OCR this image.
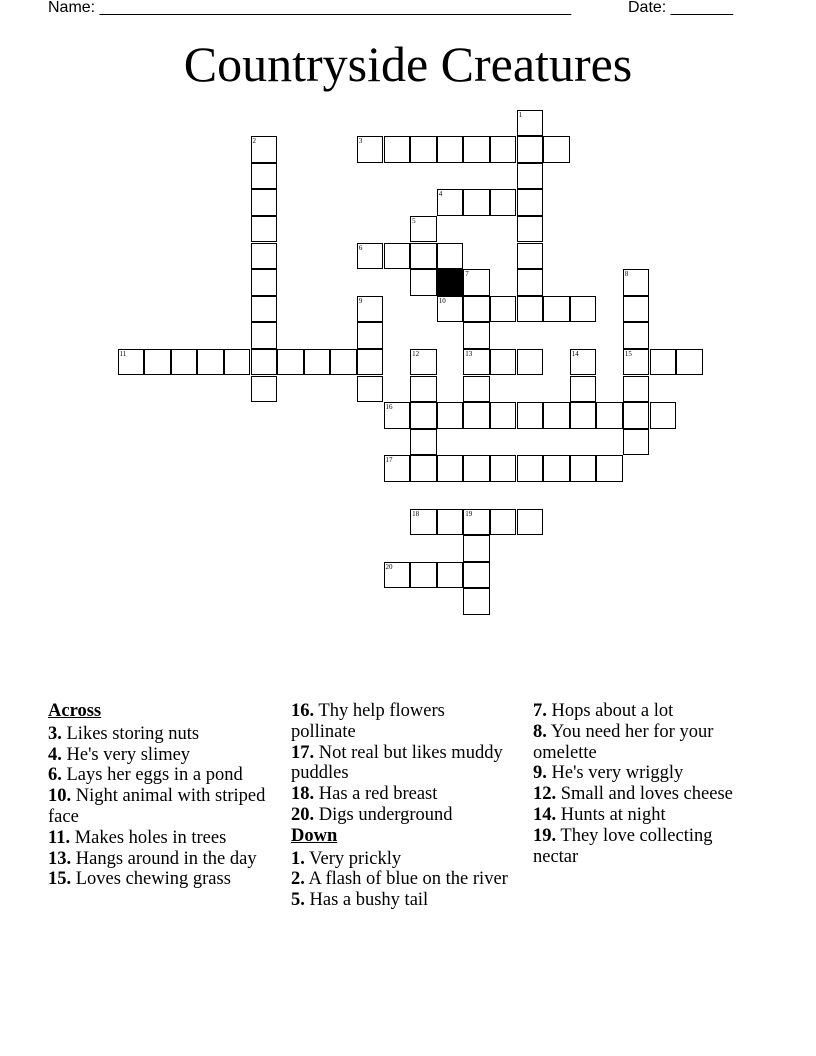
Name: _____________________________________________________	Date: _______
Countryside Creatures
1
2	3
4
5
6
7	8
9	10
11	12	13	14	15
16
17
18	19
20
Across
3. Likes storing nuts
4. He's very slimey
6. Lays her eggs in a pond
10. Night animal with striped face
11. Makes holes in trees
13. Hangs around in the day
15. Loves chewing grass
16. Thy help flowers pollinate
17. Not real but likes muddy puddles
18. Has a red breast
20. Digs underground
Down
1. Very prickly
2. A flash of blue on the river
5. Has a bushy tail
7. Hops about a lot
8. You need her for your omelette
9. He's very wriggly
12. Small and loves cheese
14. Hunts at night
19. They love collecting nectar
